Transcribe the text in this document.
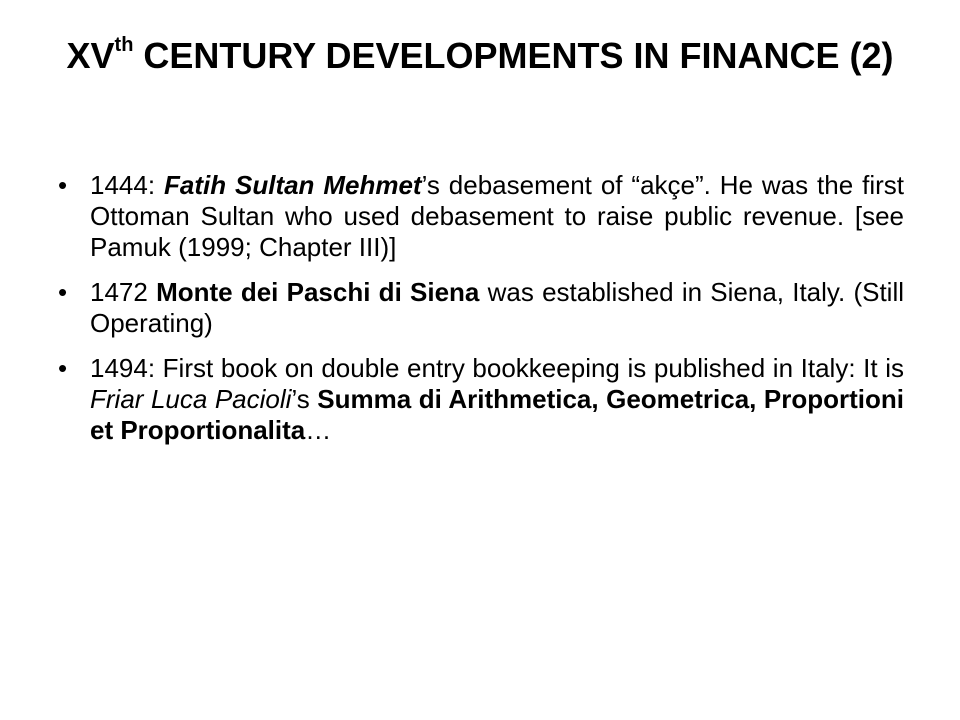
XVth CENTURY DEVELOPMENTS IN FINANCE (2)
• 1444: Fatih Sultan Mehmet’s debasement of “akçe”. He was the first Ottoman Sultan who used debasement to raise public revenue. [see Pamuk (1999; Chapter III)]
• 1472 Monte dei Paschi di Siena was established in Siena, Italy. (Still Operating)
• 1494: First book on double entry bookkeeping is published in Italy: It is Friar Luca Pacioli’s Summa di Arithmetica, Geometrica, Proportioni et Proportionalita…
